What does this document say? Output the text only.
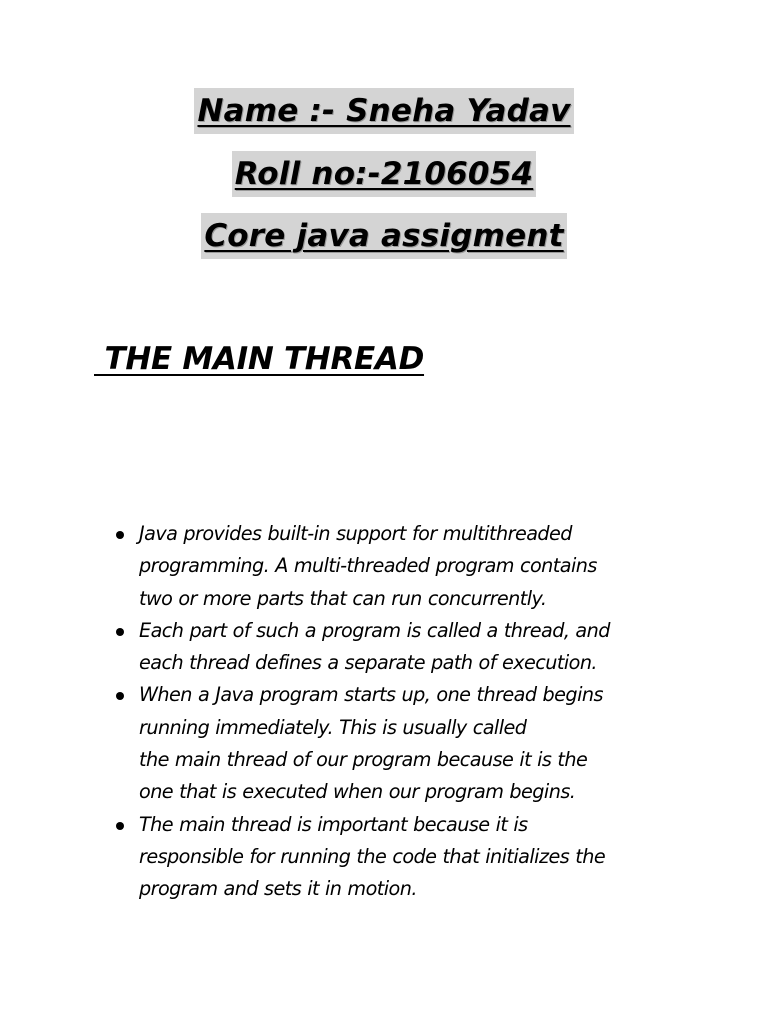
Name :- Sneha Yadav
Roll no:-2106054
Core java assigment
THE MAIN THREAD
Java provides built-in support for multithreaded
programming. A multi-threaded program contains
two or more parts that can run concurrently.
Each part of such a program is called a thread, and
each thread defines a separate path of execution.
When a Java program starts up, one thread begins
running immediately. This is usually called
the main thread of our program because it is the
one that is executed when our program begins.
The main thread is important because it is
responsible for running the code that initializes the
program and sets it in motion.
